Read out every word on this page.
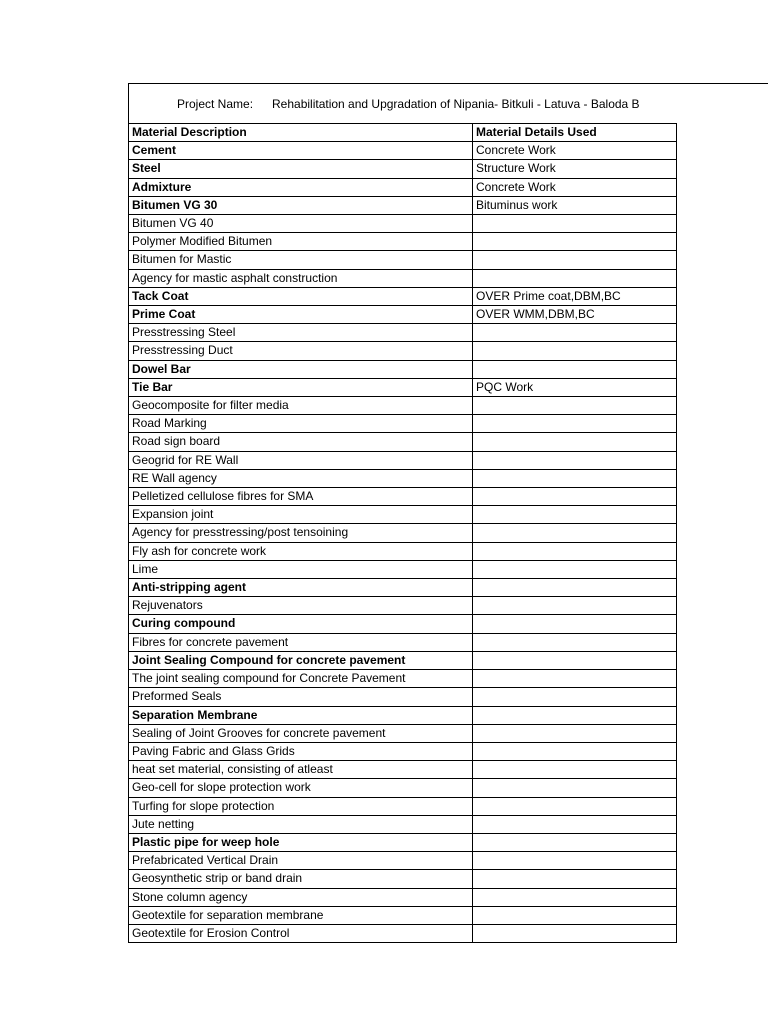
Project Name: Rehabilitation and Upgradation of Nipania- Bitkuli - Latuva - Baloda B
Material Description	Material Details Used
Cement	Concrete Work
Steel	Structure Work
Admixture	Concrete Work
Bitumen VG 30	Bituminus work
Bitumen VG 40	
Polymer Modified Bitumen	
Bitumen for Mastic	
Agency for mastic asphalt construction	
Tack Coat	OVER Prime coat,DBM,BC
Prime Coat	OVER WMM,DBM,BC
Presstressing Steel	
Presstressing Duct	
Dowel Bar	
Tie Bar	PQC Work
Geocomposite for filter media	
Road Marking	
Road sign board	
Geogrid for RE Wall	
RE Wall agency	
Pelletized cellulose fibres for SMA	
Expansion joint	
Agency for presstressing/post tensoining	
Fly ash for concrete work	
Lime	
Anti-stripping agent	
Rejuvenators	
Curing compound	
Fibres for concrete pavement	
Joint Sealing Compound for concrete pavement	
The joint sealing compound for Concrete Pavement	
Preformed Seals	
Separation Membrane	
Sealing of Joint Grooves for concrete pavement	
Paving Fabric and Glass Grids	
heat set material, consisting of atleast	
Geo-cell for slope protection work	
Turfing for slope protection	
Jute netting	
Plastic pipe for weep hole	
Prefabricated Vertical Drain	
Geosynthetic strip or band drain	
Stone column agency	
Geotextile for separation membrane	
Geotextile for Erosion Control	
